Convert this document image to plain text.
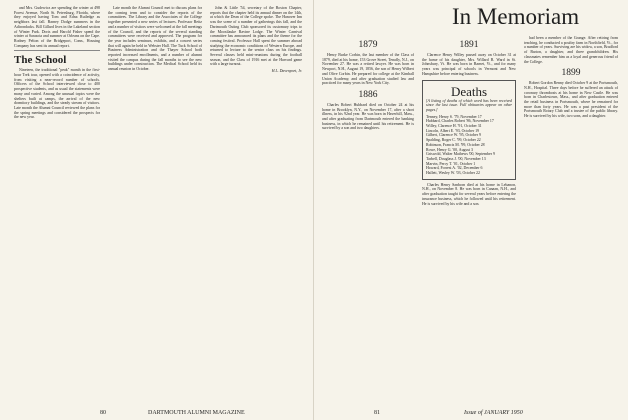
and Mrs. Gudewicz are spending the winter at 498 Forest Avenue, North St. Petersburg, Florida, where they enjoyed having Tom and Edna Rutledge as neighbors last fall. Barney Dodge summers in the Adirondacks. Bill Gillard lives in the Lakeland section of Winter Park. Doris and Harold Fisher spend the winter at Sarasota and summer at Orleans on the Cape. Rodney Pelton of the Bridgeport, Conn., Housing Company has sent its annual report.

The School

Nineteen, the traditional "peak" month in the first-hour Trek tour, opened with a coincidence of activity, from visiting a near-record number of schools. Officers of the School interviewed close to 400 prospective students, and as usual the statements were many and varied. Among the unusual topics were the shelters built at camps, the arrival of the new dormitory buildings, and the steady stream of visitors. Late month the Alumni Council reviewed the plans for the spring meetings and considered the prospects for the new year.

Late month the Alumni Council met to discuss plans for the coming term and to consider the reports of the committees. The Library and the Associates of the College together presented a new series of lectures. Professor Reitz and a number of visitors were welcomed at the fall meetings of the Council, and the reports of the several standing committees were received and approved. The program for the year includes seminars, exhibits, and a concert series that will again be held in Webster Hall. The Tuck School of Business Administration and the Thayer School both reported increased enrollments, and a number of alumni visited the campus during the fall months to see the new buildings under construction. The Medical School held its annual reunion in October.

John & Little '54, secretary of the Boston Chapter, reports that the chapter held its annual dinner on the 14th, at which the Dean of the College spoke. The Hanover Inn was the scene of a number of gatherings this fall, and the Dartmouth Outing Club sponsored its customary trips to the Moosilauke Ravine Lodge. The Winter Carnival committee has announced its plans and the theme for the coming festival. Professor Hall spent the summer abroad studying the economic conditions of Western Europe, and returned to lecture to the senior class on his findings. Several classes held mini-reunions during the football season, and the Class of 1916 met at the Harvard game with a large turnout.

H.L. Davenport, Jr.

80	DARTMOUTH ALUMNI MAGAZINE
In Memoriam
1879

Henry Burke Corbin, the last member of the Class of 1879, died at his home, 153 Grove Street, Tenafly, N.J., on November 27. He was a retired lawyer. He was born in Newport, N.H., August 19, 1856, the son of Henry Wilbert and Olive Corbin. He prepared for college at the Kimball Union Academy, and after graduation studied law and practiced for many years in New York City.

1886

Charles Robert Hubbard died on October 24 at his home in Brooklyn, N.Y., on November 17, after a short illness, in his 92nd year. He was born in Haverhill, Mass., and after graduating from Dartmouth entered the banking business, in which he remained until his retirement. He is survived by a son and two daughters.

1891

Clarence Henry Willey passed away on October 31 at the home of his daughter, Mrs. Willard B. Ward in St. Johnsbury, Vt. He was born in Barnet, Vt., and for many years was principal of schools in Vermont and New Hampshire before entering business.

Deaths
[A listing of deaths of which word has been received since the last issue. Full obituaries appear on other pages.]
Tenney, Henry S. '79, November 17
Hubbard, Charles Robert '86, November 17
Willey, Clarence H. '91, October 31
Lincoln, Albert E. '93, October 19
Gilbert, Clarence W. '95, October 9
Spalding, Roger C. '99, October 22
Robinson, Francis M. '99, October 28
Rowe, Henry G. '00, August 3
Griswold, Walter Mathews '00, September 9
Tarbell, Douglass J. '00, November 13
Marvin, Percy T. '01, October 1
Howard, Forrest A. '02, December 6
Hallett, Wesley W. '03, October 22

Charles Henry Sanborn died at his home in Lebanon, N.H., on November 8. He was born in Canaan, N.H., and after graduation taught for several years before entering the insurance business, which he followed until his retirement. He is survived by his wife and a son.

had been a member of the Grange. After retiring from teaching, he conducted a poultry farm in Northfield, Vt., for a number of years. Surviving are his widow, a son, Bradford of Barton, a daughter, and three grandchildren. His classmates remember him as a loyal and generous friend of the College.

1899

Robert Gordon Renny died October 9 at the Portsmouth, N.H., Hospital. Three days before he suffered an attack of coronary thrombosis at his home in New Castle. He was born in Charlestown, Mass., and after graduation entered the retail business in Portsmouth, where he remained for more than forty years. He was a past president of the Portsmouth Rotary Club and a trustee of the public library. He is survived by his wife, two sons, and a daughter.

81	Issue of JANUARY 1950
